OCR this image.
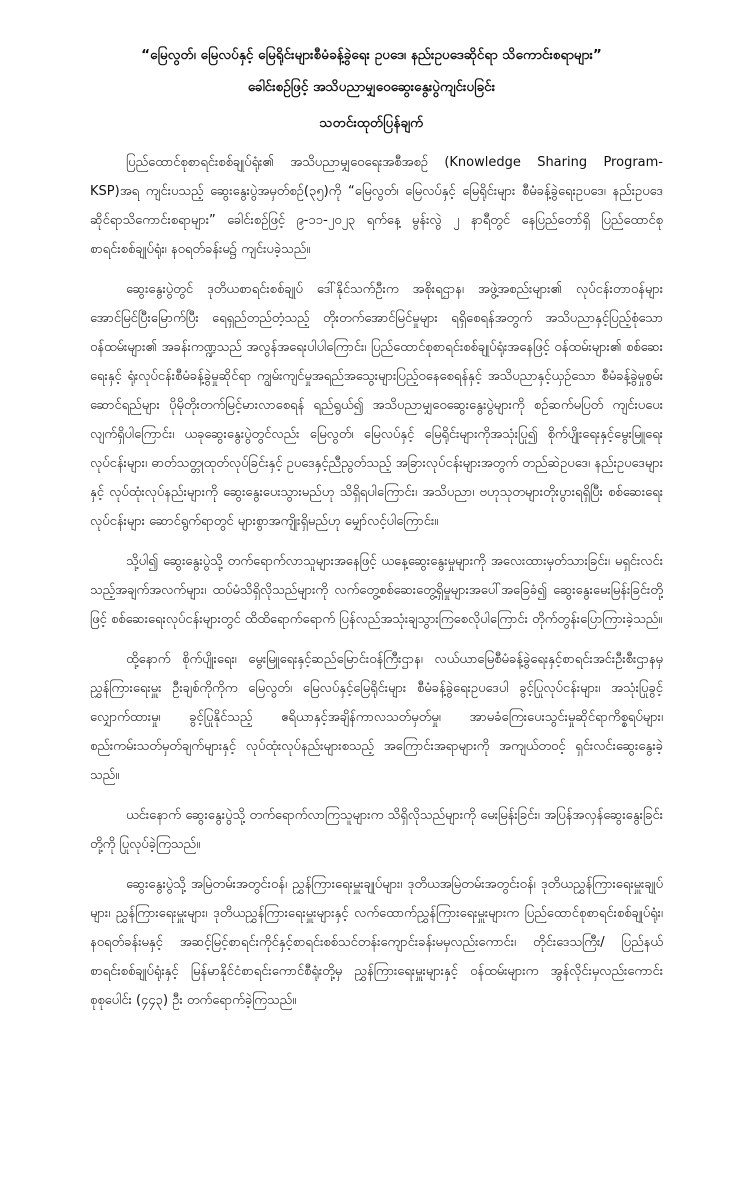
“မြေလွတ်၊ မြေလပ်နှင့် မြေရိုင်းများစီမံခန့်ခွဲရေး ဥပဒေ၊ နည်းဥပဒေဆိုင်ရာ သိကောင်းစရာများ”
ခေါင်းစဉ်ဖြင့် အသိပညာမျှဝေဆွေးနွေးပွဲကျင်းပခြင်း
သတင်းထုတ်ပြန်ချက်

ပြည်ထောင်စုစာရင်းစစ်ချုပ်ရုံး၏ အသိပညာမျှဝေရေးအစီအစဉ် (Knowledge Sharing Program-KSP)အရ ကျင်းပသည့် ဆွေးနွေးပွဲအမှတ်စဉ်(၃၅)ကို “မြေလွတ်၊ မြေလပ်နှင့် မြေရိုင်းများ စီမံခန့်ခွဲရေးဥပဒေ၊ နည်းဥပဒေဆိုင်ရာသိကောင်းစရာများ” ခေါင်းစဉ်ဖြင့် ၉-၁၁-၂၀၂၃ ရက်နေ့ မွန်းလွဲ ၂ နာရီတွင် နေပြည်တော်ရှိ ပြည်ထောင်စုစာရင်းစစ်ချုပ်ရုံး၊ နဝရတ်ခန်းမ၌ ကျင်းပခဲ့သည်။

ဆွေးနွေးပွဲတွင် ဒုတိယစာရင်းစစ်ချုပ် ဒေါ်နိုင်သက်ဦးက အစိုးရဌာန၊ အဖွဲ့အစည်းများ၏ လုပ်ငန်းတာဝန်များ အောင်မြင်ပြီးမြောက်ပြီး ရေရှည်တည်တံ့သည့် တိုးတက်အောင်မြင်မှုများ ရရှိစေရန်အတွက် အသိပညာနှင့်ပြည့်စုံသော ဝန်ထမ်းများ၏ အခန်းကဏ္ဍသည် အလွန်အရေးပါပါကြောင်း၊ ပြည်ထောင်စုစာရင်းစစ်ချုပ်ရုံးအနေဖြင့် ဝန်ထမ်းများ၏ စစ်ဆေးရေးနှင့် ရုံးလုပ်ငန်းစီမံခန့်ခွဲမှုဆိုင်ရာ ကျွမ်းကျင်မှုအရည်အသွေးများပြည့်ဝနေစေရန်နှင့် အသိပညာနှင့်ယှဉ်သော စီမံခန့်ခွဲမှုစွမ်းဆောင်ရည်များ ပိုမိုတိုးတက်မြင့်မားလာစေရန် ရည်ရွယ်၍ အသိပညာမျှဝေဆွေးနွေးပွဲများကို စဉ်ဆက်မပြတ် ကျင်းပပေးလျက်ရှိပါကြောင်း၊ ယခုဆွေးနွေးပွဲတွင်လည်း မြေလွတ်၊ မြေလပ်နှင့် မြေရိုင်းများကိုအသုံးပြု၍ စိုက်ပျိုးရေးနှင့်မွေးမြူရေးလုပ်ငန်းများ၊ ဓာတ်သတ္တုထုတ်လုပ်ခြင်းနှင့် ဥပဒေနှင့်ညီညွတ်သည့် အခြားလုပ်ငန်းများအတွက် တည်ဆဲဥပဒေ၊ နည်းဥပဒေများနှင့် လုပ်ထုံးလုပ်နည်းများကို ဆွေးနွေးပေးသွားမည်ဟု သိရှိရပါကြောင်း၊ အသိပညာ၊ ဗဟုသုတများတိုးပွားရရှိပြီး စစ်ဆေးရေးလုပ်ငန်းများ ဆောင်ရွက်ရာတွင် များစွာအကျိုးရှိမည်ဟု မျှော်လင့်ပါကြောင်း။

သို့ပါ၍ ဆွေးနွေးပွဲသို့ တက်ရောက်လာသူများအနေဖြင့် ယနေ့ဆွေးနွေးမှုများကို အလေးထားမှတ်သားခြင်း၊ မရှင်းလင်းသည့်အချက်အလက်များ၊ ထပ်မံသိရှိလိုသည်များကို လက်တွေ့စစ်ဆေးတွေ့ရှိမှုများအပေါ်အခြေခံ၍ ဆွေးနွေးမေးမြန်းခြင်းတို့ဖြင့် စစ်ဆေးရေးလုပ်ငန်းများတွင် ထိထိရောက်ရောက် ပြန်လည်အသုံးချသွားကြစေလိုပါကြောင်း တိုက်တွန်းပြောကြားခဲ့သည်။

ထို့နောက် စိုက်ပျိုးရေး၊ မွေးမြူရေးနှင့်ဆည်မြောင်းဝန်ကြီးဌာန၊ လယ်ယာမြေစီမံခန့်ခွဲရေးနှင့်စာရင်းအင်းဦးစီးဌာနမှ ညွှန်ကြားရေးမှူး ဦးချစ်ကိုကိုက မြေလွတ်၊ မြေလပ်နှင့်မြေရိုင်းများ စီမံခန့်ခွဲရေးဥပဒေပါ ခွင့်ပြုလုပ်ငန်းများ၊ အသုံးပြုခွင့်လျှောက်ထားမှု၊ ခွင့်ပြုနိုင်သည့် ဧရိယာနှင့်အချိန်ကာလသတ်မှတ်မှု၊ အာမခံကြေးပေးသွင်းမှုဆိုင်ရာကိစ္စရပ်များ၊ စည်းကမ်းသတ်မှတ်ချက်များနှင့် လုပ်ထုံးလုပ်နည်းများစသည့် အကြောင်းအရာများကို အကျယ်တဝင့် ရှင်းလင်းဆွေးနွေးခဲ့သည်။

ယင်းနောက် ဆွေးနွေးပွဲသို့ တက်ရောက်လာကြသူများက သိရှိလိုသည်များကို မေးမြန်းခြင်း၊ အပြန်အလှန်ဆွေးနွေးခြင်းတို့ကို ပြုလုပ်ခဲ့ကြသည်။

ဆွေးနွေးပွဲသို့ အမြဲတမ်းအတွင်းဝန်၊ ညွှန်ကြားရေးမှူးချုပ်များ၊ ဒုတိယအမြဲတမ်းအတွင်းဝန်၊ ဒုတိယညွှန်ကြားရေးမှူးချုပ်များ၊ ညွှန်ကြားရေးမှူးများ၊ ဒုတိယညွှန်ကြားရေးမှူးများနှင့် လက်ထောက်ညွှန်ကြားရေးမှူးများက ပြည်ထောင်စုစာရင်းစစ်ချုပ်ရုံး၊ နဝရတ်ခန်းမနှင့် အဆင့်မြင့်စာရင်းကိုင်နှင့်စာရင်းစစ်သင်တန်းကျောင်းခန်းမမှလည်းကောင်း၊ တိုင်းဒေသကြီး/ ပြည်နယ်စာရင်းစစ်ချုပ်ရုံးနှင့် မြန်မာနိုင်ငံစာရင်းကောင်စီရုံးတို့မှ ညွှန်ကြားရေးမှူးများနှင့် ဝန်ထမ်းများက အွန်လိုင်းမှလည်းကောင်း စုစုပေါင်း (၄၄၃) ဦး တက်ရောက်ခဲ့ကြသည်။
